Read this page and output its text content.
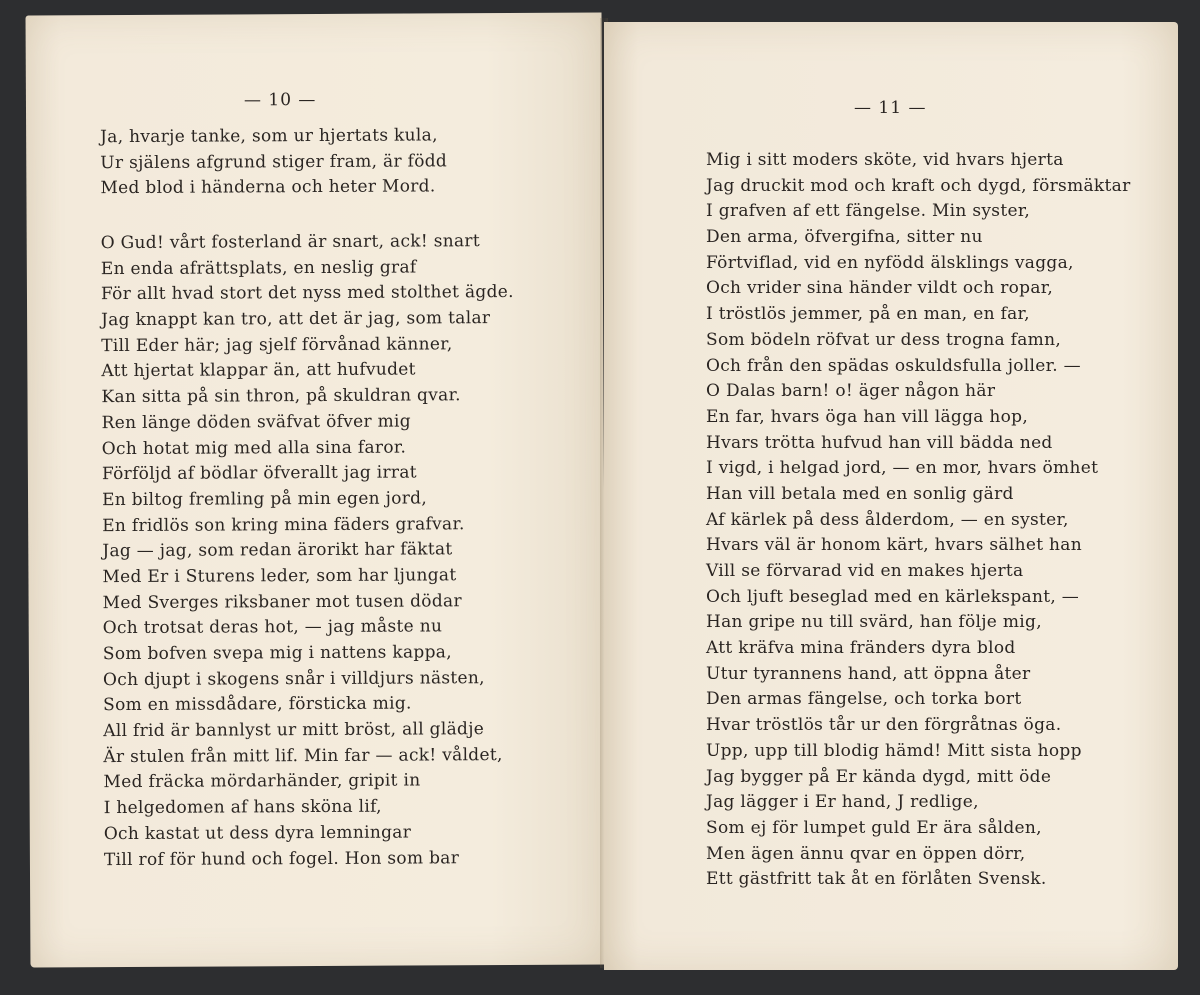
— 10 —
Ja, hvarje tanke, som ur hjertats kula,
Ur själens afgrund stiger fram, är född
Med blod i händerna och heter Mord.
O Gud! vårt fosterland är snart, ack! snart
En enda afrättsplats, en neslig graf
För allt hvad stort det nyss med stolthet ägde.
Jag knappt kan tro, att det är jag, som talar
Till Eder här; jag sjelf förvånad känner,
Att hjertat klappar än, att hufvudet
Kan sitta på sin thron, på skuldran qvar.
Ren länge döden sväfvat öfver mig
Och hotat mig med alla sina faror.
Förföljd af bödlar öfverallt jag irrat
En biltog fremling på min egen jord,
En fridlös son kring mina fäders grafvar.
Jag — jag, som redan ärorikt har fäktat
Med Er i Sturens leder, som har ljungat
Med Sverges riksbaner mot tusen dödar
Och trotsat deras hot, — jag måste nu
Som bofven svepa mig i nattens kappa,
Och djupt i skogens snår i villdjurs nästen,
Som en missdådare, försticka mig.
All frid är bannlyst ur mitt bröst, all glädje
Är stulen från mitt lif. Min far — ack! våldet,
Med fräcka mördarhänder, gripit in
I helgedomen af hans sköna lif,
Och kastat ut dess dyra lemningar
Till rof för hund och fogel. Hon som bar
— 11 —
Mig i sitt moders sköte, vid hvars hjerta
Jag druckit mod och kraft och dygd, försmäktar
I grafven af ett fängelse. Min syster,
Den arma, öfvergifna, sitter nu
Förtviflad, vid en nyfödd älsklings vagga,
Och vrider sina händer vildt och ropar,
I tröstlös jemmer, på en man, en far,
Som bödeln röfvat ur dess trogna famn,
Och från den spädas oskuldsfulla joller. —
O Dalas barn! o! äger någon här
En far, hvars öga han vill lägga hop,
Hvars trötta hufvud han vill bädda ned
I vigd, i helgad jord, — en mor, hvars ömhet
Han vill betala med en sonlig gärd
Af kärlek på dess ålderdom, — en syster,
Hvars väl är honom kärt, hvars sälhet han
Vill se förvarad vid en makes hjerta
Och ljuft beseglad med en kärlekspant, —
Han gripe nu till svärd, han följe mig,
Att kräfva mina fränders dyra blod
Utur tyrannens hand, att öppna åter
Den armas fängelse, och torka bort
Hvar tröstlös tår ur den förgråtnas öga.
Upp, upp till blodig hämd! Mitt sista hopp
Jag bygger på Er kända dygd, mitt öde
Jag lägger i Er hand, J redlige,
Som ej för lumpet guld Er ära sålden,
Men ägen ännu qvar en öppen dörr,
Ett gästfritt tak åt en förlåten Svensk.
